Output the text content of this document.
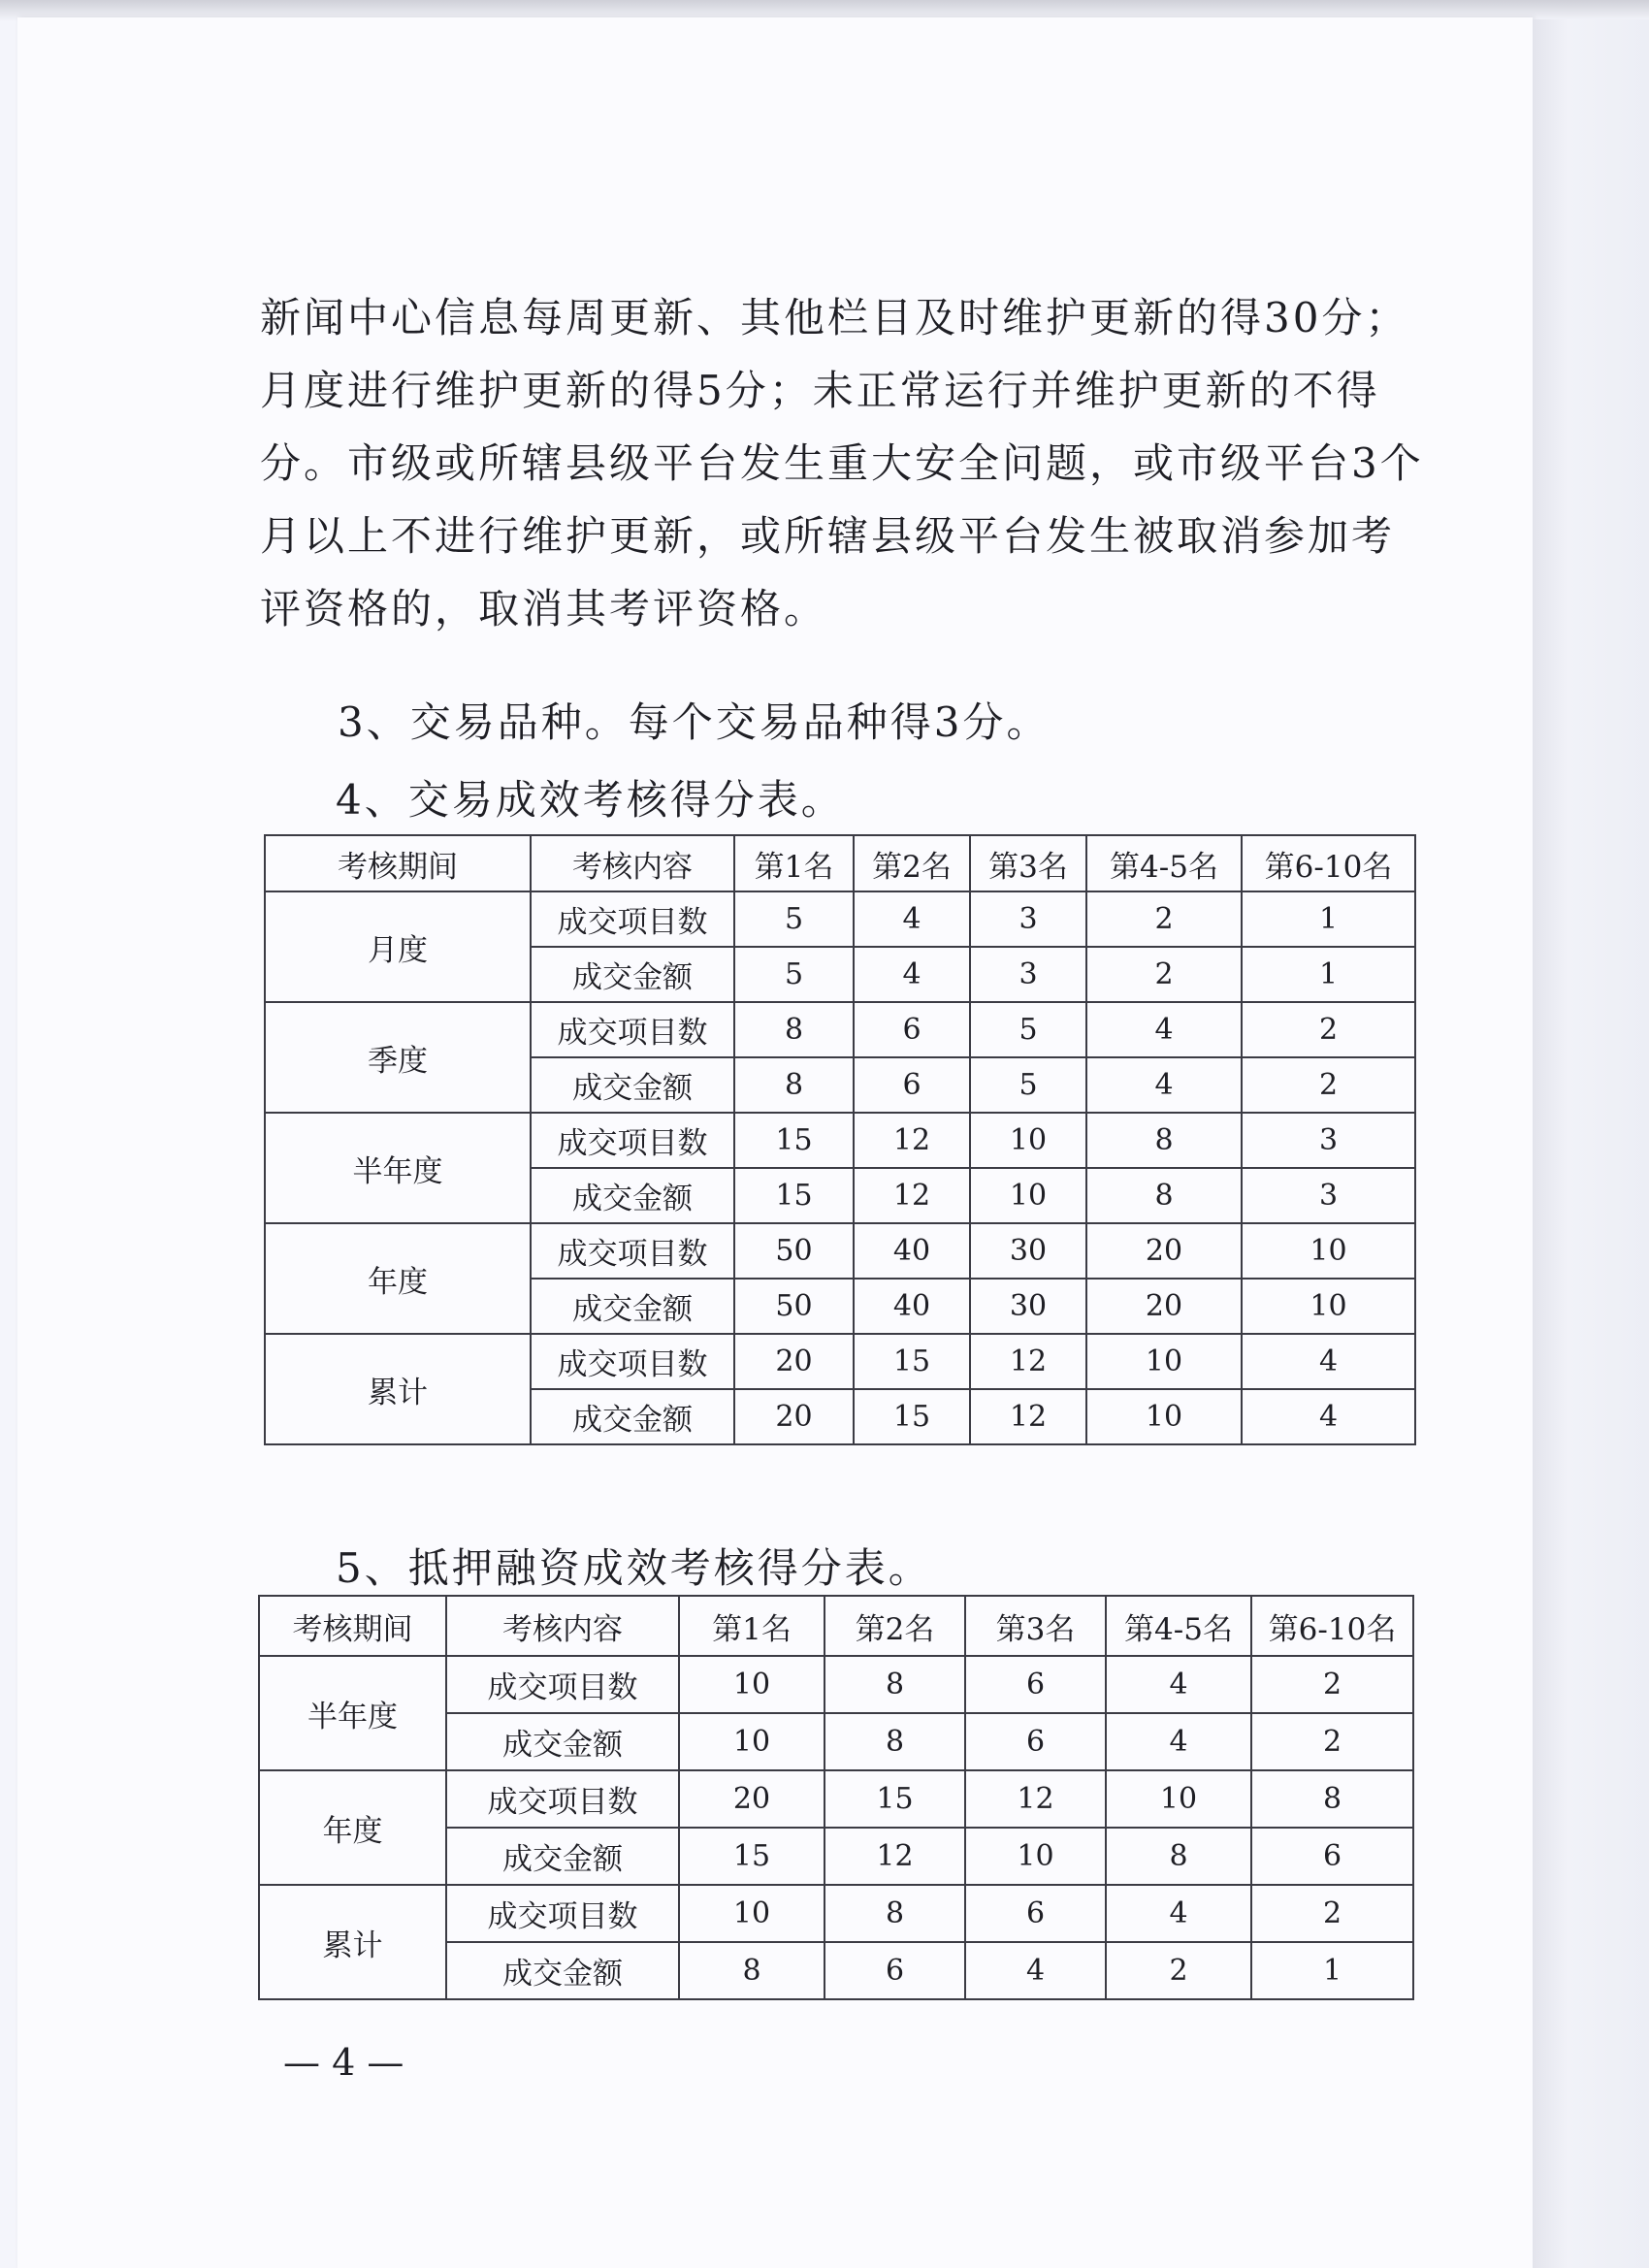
新闻中心信息每周更新、其他栏目及时维护更新的得30分；月度进行维护更新的得5分；未正常运行并维护更新的不得分。市级或所辖县级平台发生重大安全问题，或市级平台3个月以上不进行维护更新，或所辖县级平台发生被取消参加考评资格的，取消其考评资格。

3、交易品种。每个交易品种得3分。

4、交易成效考核得分表。

考核期间	考核内容	第1名	第2名	第3名	第4-5名	第6-10名
月度	成交项目数	5	4	3	2	1
	成交金额	5	4	3	2	1
季度	成交项目数	8	6	5	4	2
	成交金额	8	6	5	4	2
半年度	成交项目数	15	12	10	8	3
	成交金额	15	12	10	8	3
年度	成交项目数	50	40	30	20	10
	成交金额	50	40	30	20	10
累计	成交项目数	20	15	12	10	4
	成交金额	20	15	12	10	4

5、抵押融资成效考核得分表。

考核期间	考核内容	第1名	第2名	第3名	第4-5名	第6-10名
半年度	成交项目数	10	8	6	4	2
	成交金额	10	8	6	4	2
年度	成交项目数	20	15	12	10	8
	成交金额	15	12	10	8	6
累计	成交项目数	10	8	6	4	2
	成交金额	8	6	4	2	1
— 4 —
